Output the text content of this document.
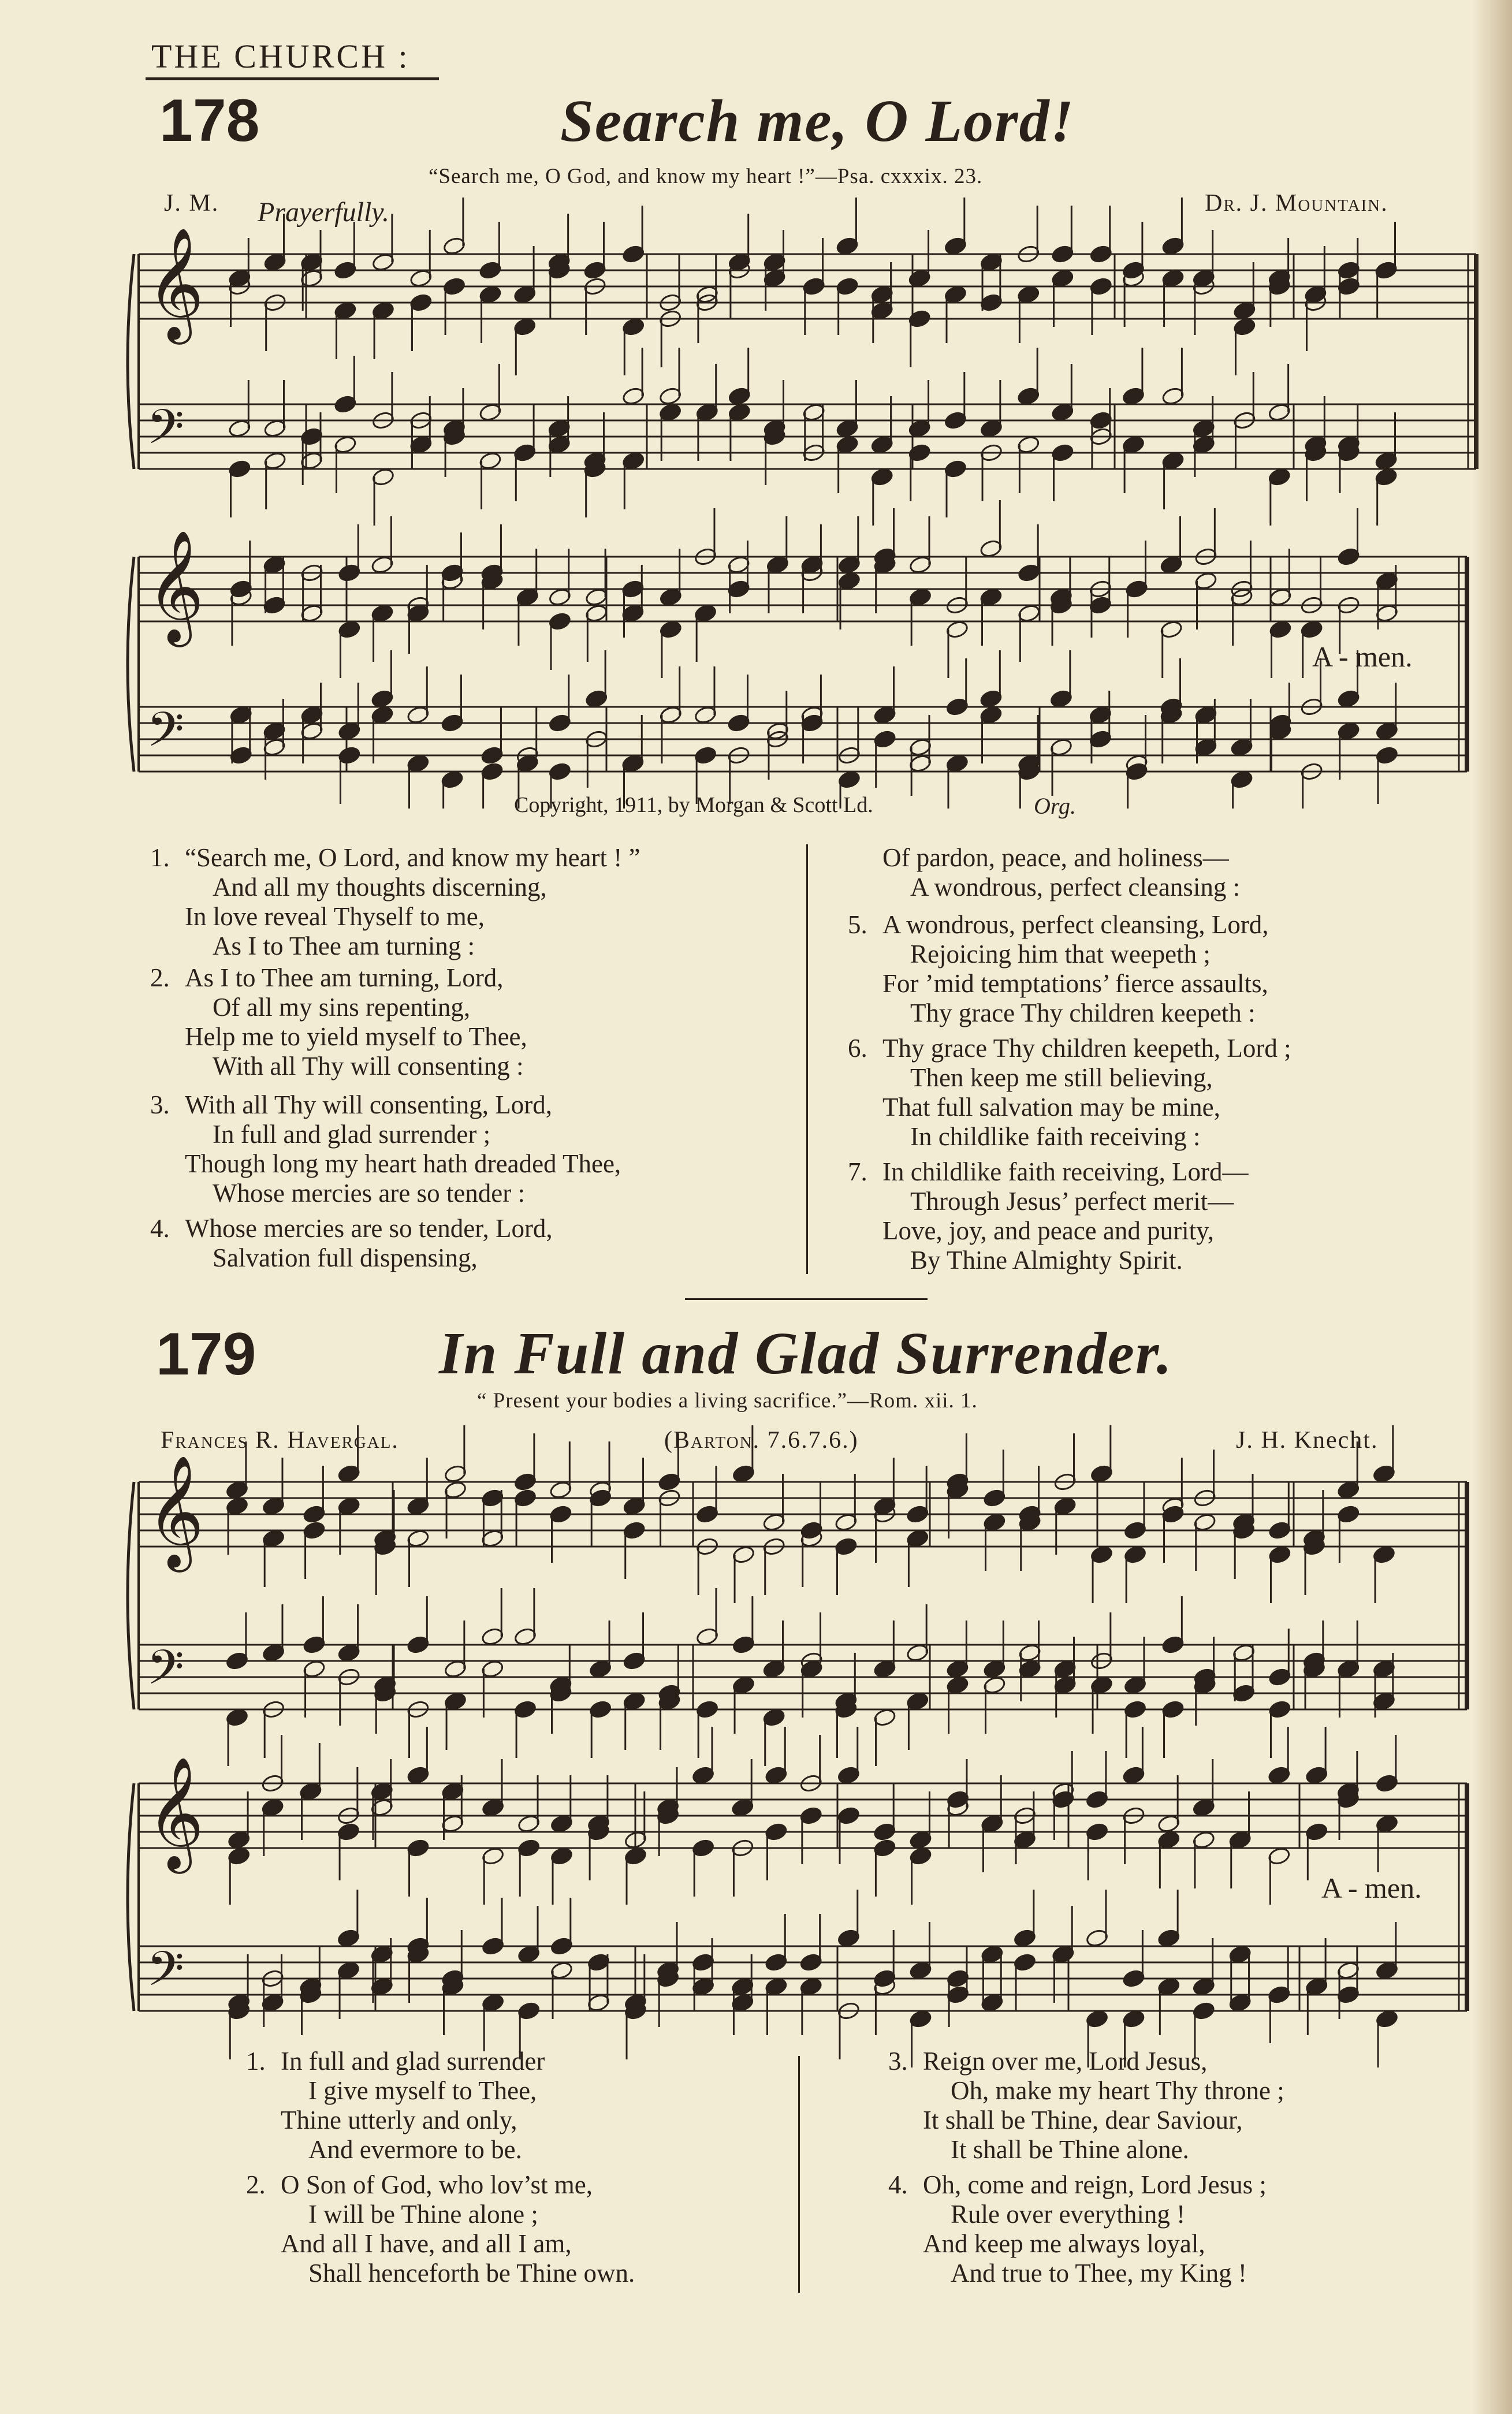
THE CHURCH :
178	Search me, O Lord!
“Search me, O God, and know my heart !”—Psa. cxxxix. 23.
J. M. Prayerfully.	Dr. J. Mountain.
𝄞
𝄢
𝄞
𝄢
A - men.
Copyright, 1911, by Morgan & Scott Ld.	Org.
1. “Search me, O Lord, and know my heart ! ”
And all my thoughts discerning,
In love reveal Thyself to me,
As I to Thee am turning :
2. As I to Thee am turning, Lord,
Of all my sins repenting,
Help me to yield myself to Thee,
With all Thy will consenting :
3. With all Thy will consenting, Lord,
In full and glad surrender ;
Though long my heart hath dreaded Thee,
Whose mercies are so tender :
4. Whose mercies are so tender, Lord,
Salvation full dispensing,
Of pardon, peace, and holiness—
A wondrous, perfect cleansing :
5. A wondrous, perfect cleansing, Lord,
Rejoicing him that weepeth ;
For ’mid temptations’ fierce assaults,
Thy grace Thy children keepeth :
6. Thy grace Thy children keepeth, Lord ;
Then keep me still believing,
That full salvation may be mine,
In childlike faith receiving :
7. In childlike faith receiving, Lord—
Through Jesus’ perfect merit—
Love, joy, and peace and purity,
By Thine Almighty Spirit.
179	In Full and Glad Surrender.
“ Present your bodies a living sacrifice.”—Rom. xii. 1.
Frances R. Havergal.	(Barton. 7.6.7.6.)	J. H. Knecht.
𝄞
𝄢
𝄞
𝄢
A - men.
1. In full and glad surrender
I give myself to Thee,
Thine utterly and only,
And evermore to be.
2. O Son of God, who lov’st me,
I will be Thine alone ;
And all I have, and all I am,
Shall henceforth be Thine own.
3. Reign over me, Lord Jesus,
Oh, make my heart Thy throne ;
It shall be Thine, dear Saviour,
It shall be Thine alone.
4. Oh, come and reign, Lord Jesus ;
Rule over everything !
And keep me always loyal,
And true to Thee, my King !
